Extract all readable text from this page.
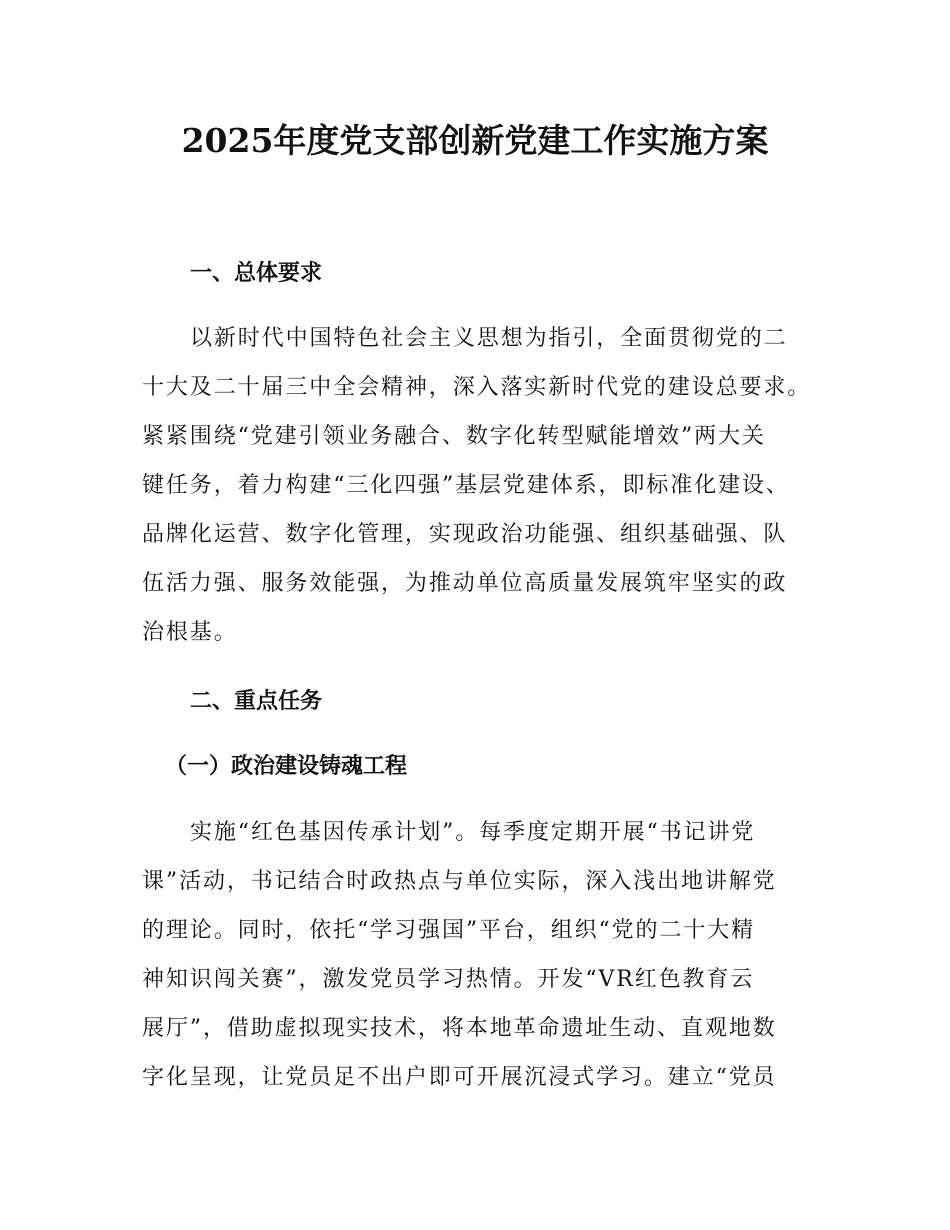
2025年度党支部创新党建工作实施方案
一、总体要求
以新时代中国特色社会主义思想为指引，全面贯彻党的二
十大及二十届三中全会精神，深入落实新时代党的建设总要求。
紧紧围绕“党建引领业务融合、数字化转型赋能增效”两大关
键任务，着力构建“三化四强”基层党建体系，即标准化建设、
品牌化运营、数字化管理，实现政治功能强、组织基础强、队
伍活力强、服务效能强，为推动单位高质量发展筑牢坚实的政
治根基。
二、重点任务
（一）政治建设铸魂工程
实施“红色基因传承计划”。每季度定期开展“书记讲党
课”活动，书记结合时政热点与单位实际，深入浅出地讲解党
的理论。同时，依托“学习强国”平台，组织“党的二十大精
神知识闯关赛”，激发党员学习热情。开发“VR红色教育云
展厅”，借助虚拟现实技术，将本地革命遗址生动、直观地数
字化呈现，让党员足不出户即可开展沉浸式学习。建立“党员
